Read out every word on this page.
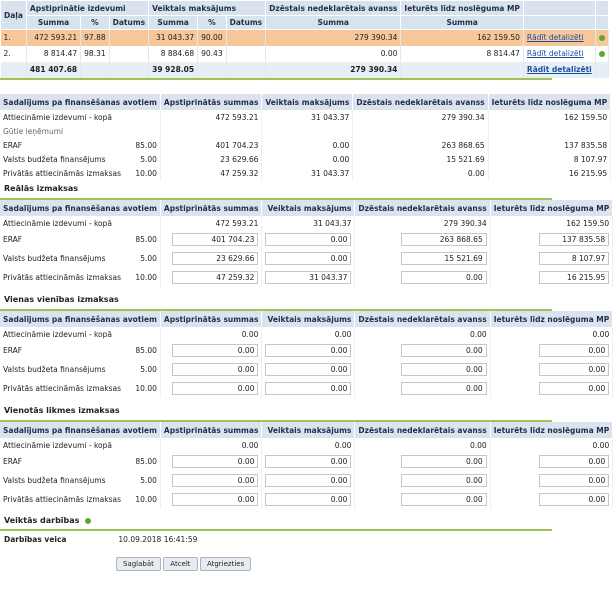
Daļa	Apstiprinātie izdevumi			Veiktais maksājums			Dzēstais nedeklarētais avanss	Ieturēts līdz noslēguma MP		
	Summa	%	Datums	Summa	%	Datums	Summa	Summa		
1.	472 593.21	97.88		31 043.37	90.00		279 390.34	162 159.50	Rādīt detalizēti	
2.	8 814.47	98.31		8 884.68	90.43		0.00	8 814.47	Rādīt detalizēti	
	481 407.68			39 928.05			279 390.34		Rādīt detalizēti	
Sadalījums pa finansēšanas avotiem	Apstiprinātās summas	Veiktais maksājums	Dzēstais nedeklarētais avanss	Ieturēts līdz noslēguma MP
Attiecināmie izdevumi - kopā	472 593.21	31 043.37	279 390.34	162 159.50
Gūtie ieņēmumi				
ERAF 85.00	401 704.23	0.00	263 868.65	137 835.58
Valsts budžeta finansējums 5.00	23 629.66	0.00	15 521.69	8 107.97
Privātās attiecināmās izmaksas 10.00	47 259.32	31 043.37	0.00	16 215.95
Reālās izmaksas
Sadalījums pa finansēšanas avotiem	Apstiprinātās summas	Veiktais maksājums	Dzēstais nedeklarētais avanss	Ieturēts līdz noslēguma MP
Attiecināmie izdevumi - kopā	472 593.21	31 043.37	279 390.34	162 159.50
ERAF 85.00	401 704.23	0.00	263 868.65	137 835.58
Valsts budžeta finansējums 5.00	23 629.66	0.00	15 521.69	8 107.97
Privātās attiecināmās izmaksas 10.00	47 259.32	31 043.37	0.00	16 215.95
Vienas vienības izmaksas
Sadalījums pa finansēšanas avotiem	Apstiprinātās summas	Veiktais maksājums	Dzēstais nedeklarētais avanss	Ieturēts līdz noslēguma MP
Attiecināmie izdevumi - kopā	0.00	0.00	0.00	0.00
ERAF 85.00	0.00	0.00	0.00	0.00
Valsts budžeta finansējums 5.00	0.00	0.00	0.00	0.00
Privātās attiecināmās izmaksas 10.00	0.00	0.00	0.00	0.00
Vienotās likmes izmaksas
Sadalījums pa finansēšanas avotiem	Apstiprinātās summas	Veiktais maksājums	Dzēstais nedeklarētais avanss	Ieturēts līdz noslēguma MP
Attiecināmie izdevumi - kopā	0.00	0.00	0.00	0.00
ERAF 85.00	0.00	0.00	0.00	0.00
Valsts budžeta finansējums 5.00	0.00	0.00	0.00	0.00
Privātās attiecināmās izmaksas 10.00	0.00	0.00	0.00	0.00
Veiktās darbības
Darbības veica	10.09.2018 16:41:59
Saglabāt Atcelt Atgriezties
